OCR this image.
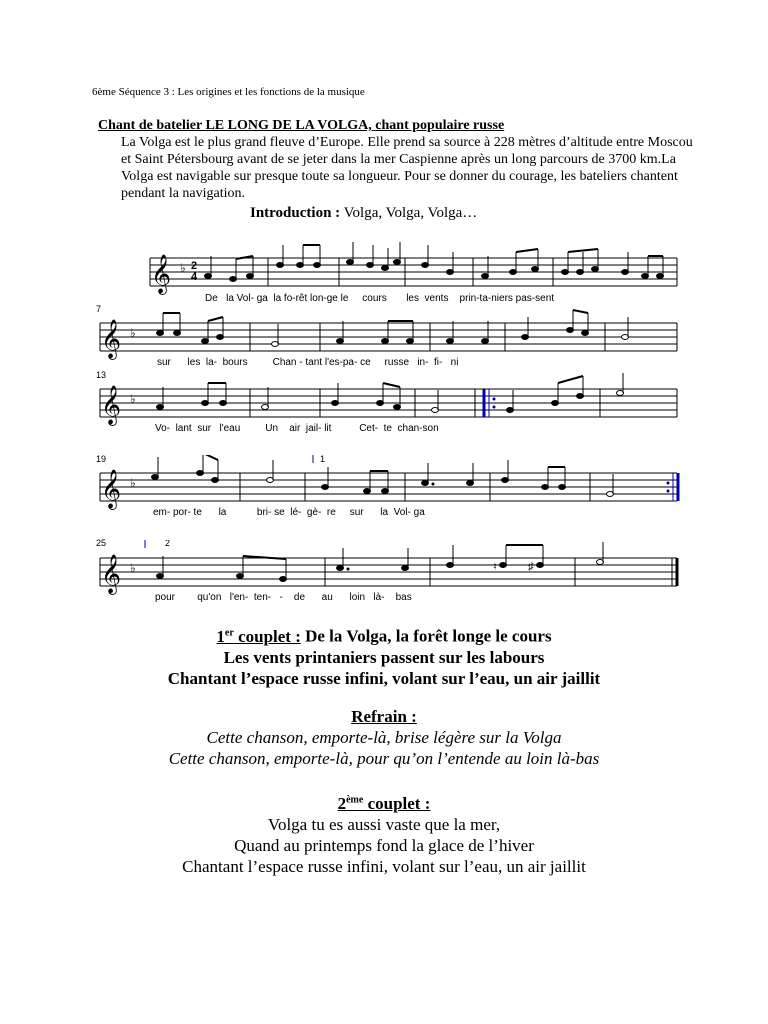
6ème Séquence 3 : Les origines et les fonctions de la musique
Chant de batelier LE LONG DE LA VOLGA, chant populaire russe
La Volga est le plus grand fleuve d’Europe. Elle prend sa source à 228 mètres d’altitude entre Moscou et Saint Pétersbourg avant de se jeter dans la mer Caspienne après un long parcours de 3700 km.La Volga est navigable sur presque toute sa longueur. Pour se donner du courage, les bateliers chantent pendant la navigation.
Introduction : Volga, Volga, Volga…
𝄞 ♭ 2
4
De   la Vol- ga  la fo-rêt lon-ge le     cours       les  vents    prin-ta-niers pas-sent
7
𝄞 ♭
sur      les  la-  bours         Chan - tant l'es-pa- ce     russe   in-  fi-   ni
13
𝄞 ♭
Vo-  lant  sur   l'eau         Un    air  jail- lit          Cet-  te  chan-son
19	1
𝄞 ♭
em- por- te      la           bri- se  lé-  gè-  re     sur      la  Vol- ga
25	2
𝄞 ♭	♮	♯
pour        qu'on   l'en-  ten-   -    de      au      loin   là-    bas
1er couplet : De la Volga, la forêt longe le cours
Les vents printaniers passent sur les labours
Chantant l’espace russe infini, volant sur l’eau, un air jaillit
Refrain :
Cette chanson, emporte-là, brise légère sur la Volga
Cette chanson, emporte-là, pour qu’on l’entende au loin là-bas
2ème couplet :
Volga tu es aussi vaste que la mer,
Quand au printemps fond la glace de l’hiver
Chantant l’espace russe infini, volant sur l’eau, un air jaillit
